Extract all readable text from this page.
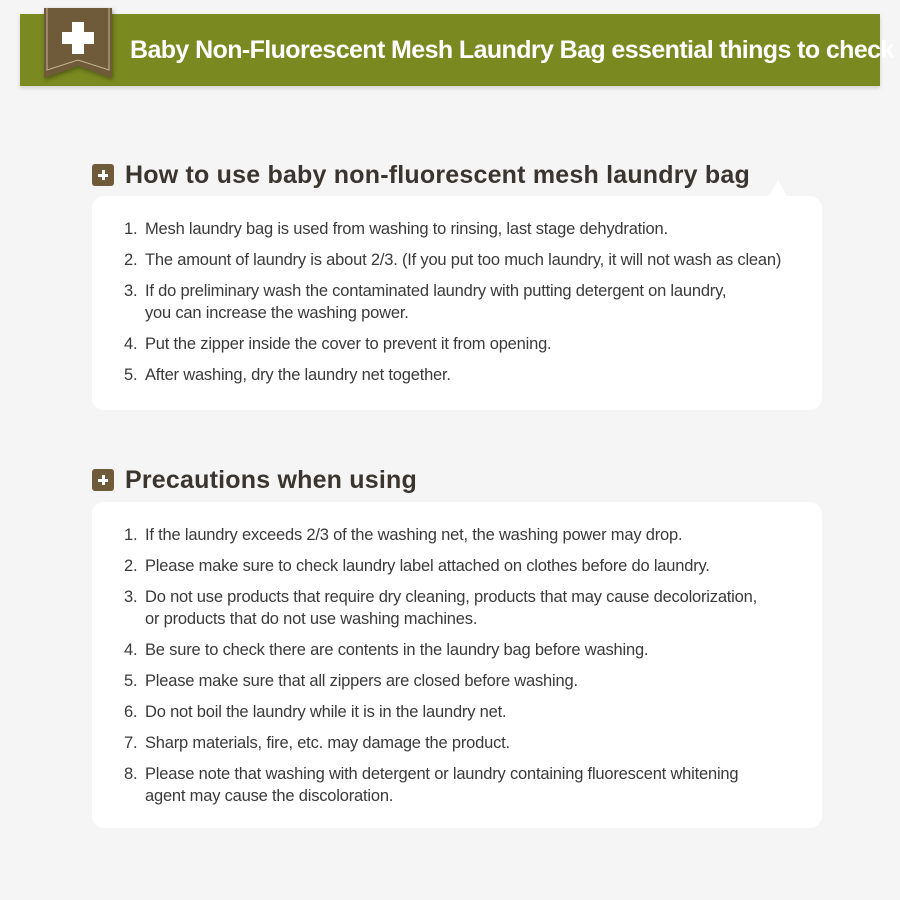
Baby Non-Fluorescent Mesh Laundry Bag essential things to check
How to use baby non-fluorescent mesh laundry bag
1. Mesh laundry bag is used from washing to rinsing, last stage dehydration.
2. The amount of laundry is about 2/3. (If you put too much laundry, it will not wash as clean)
3. If do preliminary wash the contaminated laundry with putting detergent on laundry,
you can increase the washing power.
4. Put the zipper inside the cover to prevent it from opening.
5. After washing, dry the laundry net together.
Precautions when using
1. If the laundry exceeds 2/3 of the washing net, the washing power may drop.
2. Please make sure to check laundry label attached on clothes before do laundry.
3. Do not use products that require dry cleaning, products that may cause decolorization,
or products that do not use washing machines.
4. Be sure to check there are contents in the laundry bag before washing.
5. Please make sure that all zippers are closed before washing.
6. Do not boil the laundry while it is in the laundry net.
7. Sharp materials, fire, etc. may damage the product.
8. Please note that washing with detergent or laundry containing fluorescent whitening
agent may cause the discoloration.
